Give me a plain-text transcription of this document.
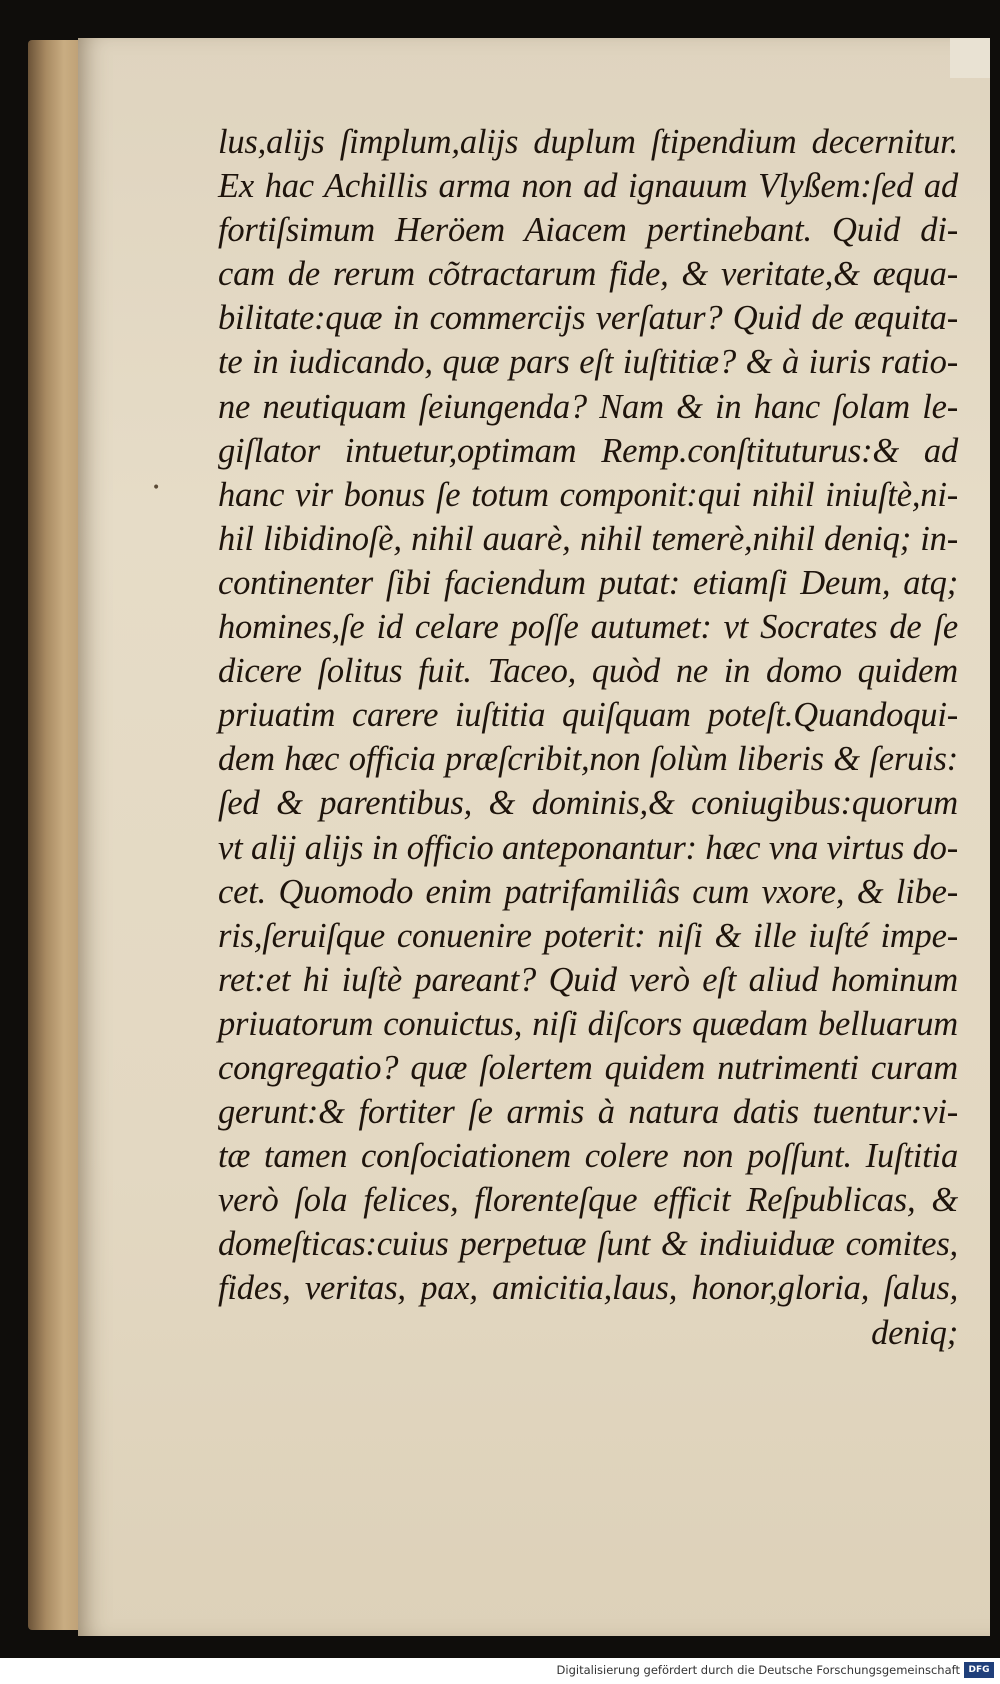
•
lus,alijs ſimplum,alijs duplum ſtipendium decernitur.
Ex hac Achillis arma non ad ignauum Vlyßem:ſed ad
fortiſsimum Heröem Aiacem pertinebant. Quid di-
cam de rerum cõtractarum fide, & veritate,& æqua-
bilitate:quæ in commercijs verſatur? Quid de æquita-
te in iudicando, quæ pars eſt iuſtitiæ? & à iuris ratio-
ne neutiquam ſeiungenda? Nam & in hanc ſolam le-
giſlator intuetur,optimam Remp.conſtituturus:& ad
hanc vir bonus ſe totum componit:qui nihil iniuſtè,ni-
hil libidinoſè, nihil auarè, nihil temerè,nihil deniq; in-
continenter ſibi faciendum putat: etiamſi Deum, atq;
homines,ſe id celare poſſe autumet: vt Socrates de ſe
dicere ſolitus fuit. Taceo, quòd ne in domo quidem
priuatim carere iuſtitia quiſquam poteſt.Quandoqui-
dem hæc officia præſcribit,non ſolùm liberis & ſeruis:
ſed & parentibus, & dominis,& coniugibus:quorum
vt alij alijs in officio anteponantur: hæc vna virtus do-
cet. Quomodo enim patrifamiliâs cum vxore, & libe-
ris,ſeruiſque conuenire poterit: niſi & ille iuſté impe-
ret:et hi iuſtè pareant? Quid verò eſt aliud hominum
priuatorum conuictus, niſi diſcors quædam belluarum
congregatio? quæ ſolertem quidem nutrimenti curam
gerunt:& fortiter ſe armis à natura datis tuentur:vi-
tæ tamen conſociationem colere non poſſunt. Iuſtitia
verò ſola felices, florenteſque efficit Reſpublicas, &
domeſticas:cuius perpetuæ ſunt & indiuiduæ comites,
fides, veritas, pax, amicitia,laus, honor,gloria, ſalus,
deniq;
Digitalisierung gefördert durch die Deutsche Forschungsgemeinschaft DFG
